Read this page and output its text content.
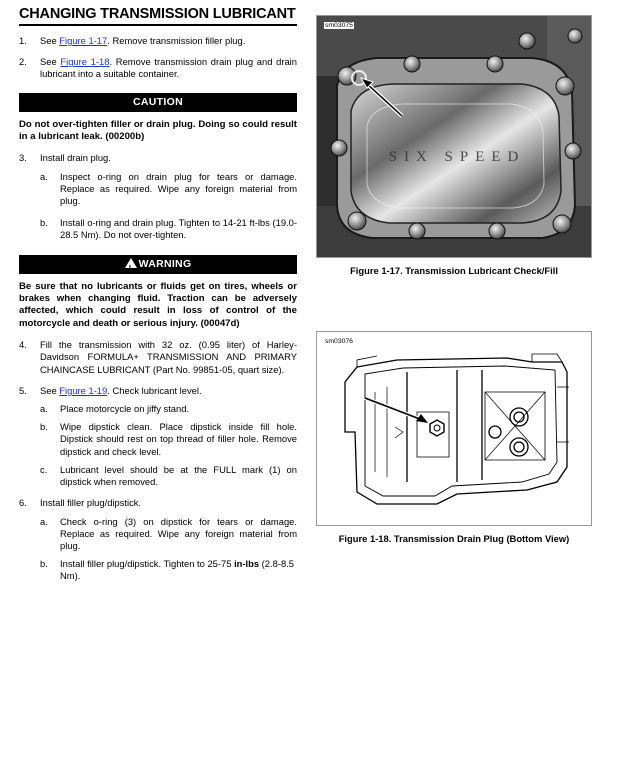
CHANGING TRANSMISSION LUBRICANT
1. See Figure 1-17. Remove transmission filler plug.
2. See Figure 1-18. Remove transmission drain plug and drain lubricant into a suitable container.
CAUTION
Do not over-tighten filler or drain plug. Doing so could result in a lubricant leak. (00200b)
3. Install drain plug.
a. Inspect o-ring on drain plug for tears or damage. Replace as required. Wipe any foreign material from plug.
b. Install o-ring and drain plug. Tighten to 14-21 ft-lbs (19.0-28.5 Nm). Do not over-tighten.
!WARNING
Be sure that no lubricants or fluids get on tires, wheels or brakes when changing fluid. Traction can be adversely affected, which could result in loss of control of the motorcycle and death or serious injury. (00047d)
4. Fill the transmission with 32 oz. (0.95 liter) of Harley-Davidson FORMULA+ TRANSMISSION AND PRIMARY CHAINCASE LUBRICANT (Part No. 99851-05, quart size).
5. See Figure 1-19. Check lubricant level.
a. Place motorcycle on jiffy stand.
b. Wipe dipstick clean. Place dipstick inside fill hole. Dipstick should rest on top thread of filler hole. Remove dipstick and check level.
c. Lubricant level should be at the FULL mark (1) on dipstick when removed.
6. Install filler plug/dipstick.
a. Check o-ring (3) on dipstick for tears or damage. Replace as required. Wipe any foreign material from plug.
b. Install filler plug/dipstick. Tighten to 25-75 in-lbs (2.8-8.5 Nm).
sm03075
SIX SPEED
Figure 1-17. Transmission Lubricant Check/Fill
sm03076
Figure 1-18. Transmission Drain Plug (Bottom View)
